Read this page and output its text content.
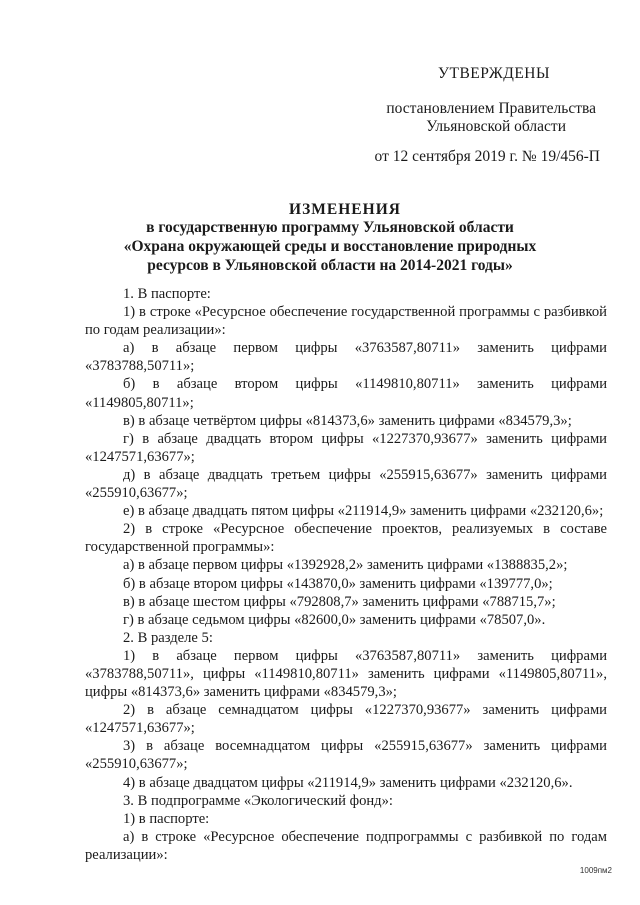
УТВЕРЖДЕНЫ
постановлением Правительства
Ульяновской области
от 12 сентября 2019 г. № 19/456-П
ИЗМЕНЕНИЯ
в государственную программу Ульяновской области
«Охрана окружающей среды и восстановление природных
ресурсов в Ульяновской области на 2014-2021 годы»

1. В паспорте:

1) в строке «Ресурсное обеспечение государственной программы с разбивкой по годам реализации»:

а) в абзаце первом цифры «3763587,80711» заменить цифрами «3783788,50711»;

б) в абзаце втором цифры «1149810,80711» заменить цифрами «1149805,80711»;

в) в абзаце четвёртом цифры «814373,6» заменить цифрами «834579,3»;

г) в абзаце двадцать втором цифры «1227370,93677» заменить цифрами «1247571,63677»;

д) в абзаце двадцать третьем цифры «255915,63677» заменить цифрами «255910,63677»;

е) в абзаце двадцать пятом цифры «211914,9» заменить цифрами «232120,6»;

2) в строке «Ресурсное обеспечение проектов, реализуемых в составе государственной программы»:

а) в абзаце первом цифры «1392928,2» заменить цифрами «1388835,2»;

б) в абзаце втором цифры «143870,0» заменить цифрами «139777,0»;

в) в абзаце шестом цифры «792808,7» заменить цифрами «788715,7»;

г) в абзаце седьмом цифры «82600,0» заменить цифрами «78507,0».

2. В разделе 5:

1) в абзаце первом цифры «3763587,80711» заменить цифрами «3783788,50711», цифры «1149810,80711» заменить цифрами «1149805,80711», цифры «814373,6» заменить цифрами «834579,3»;

2) в абзаце семнадцатом цифры «1227370,93677» заменить цифрами «1247571,63677»;

3) в абзаце восемнадцатом цифры «255915,63677» заменить цифрами «255910,63677»;

4) в абзаце двадцатом цифры «211914,9» заменить цифрами «232120,6».

3. В подпрограмме «Экологический фонд»:

1) в паспорте:

а) в строке «Ресурсное обеспечение подпрограммы с разбивкой по годам реализации»:

1009пм2
